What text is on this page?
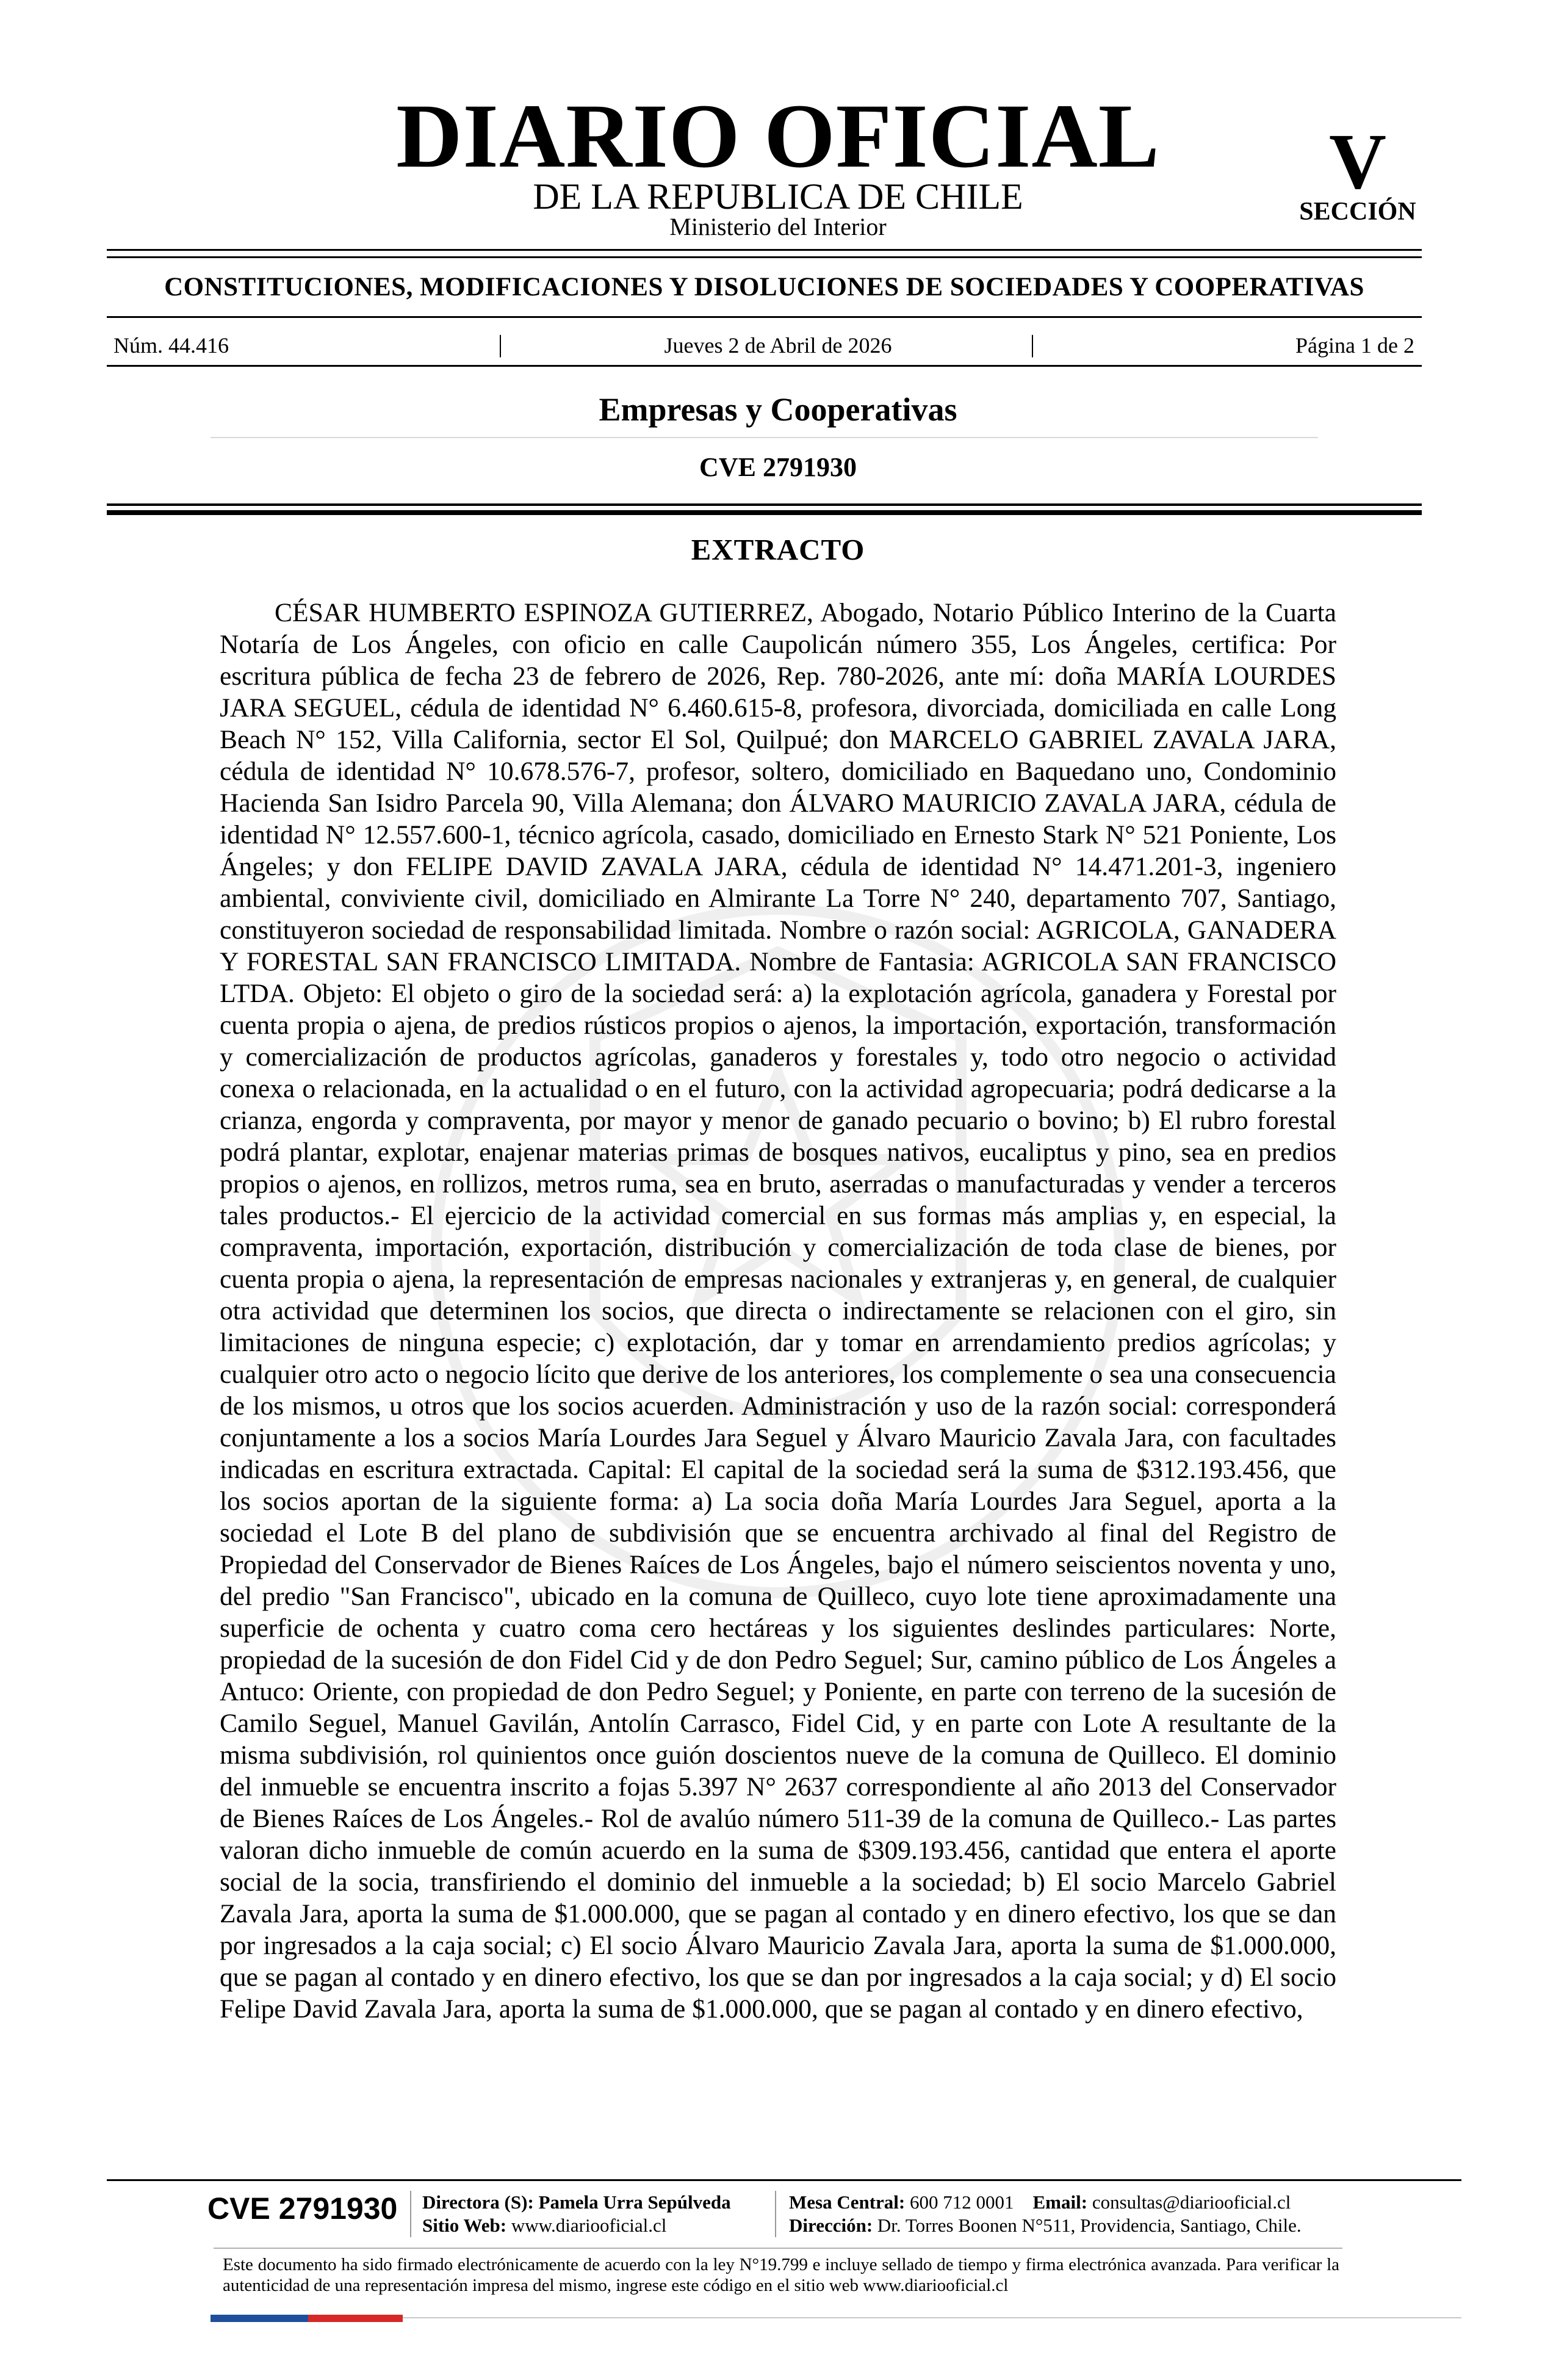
DIARIO OFICIAL
DE LA REPUBLICA DE CHILE
Ministerio del Interior
V
SECCIÓN
CONSTITUCIONES, MODIFICACIONES Y DISOLUCIONES DE SOCIEDADES Y COOPERATIVAS
Núm. 44.416	|	Jueves 2 de Abril de 2026	|	Página 1 de 2
Empresas y Cooperativas
CVE 2791930
EXTRACTO

CÉSAR HUMBERTO ESPINOZA GUTIERREZ, Abogado, Notario Público Interino de la Cuarta Notaría de Los Ángeles, con oficio en calle Caupolicán número 355, Los Ángeles, certifica: Por escritura pública de fecha 23 de febrero de 2026, Rep. 780-2026, ante mí: doña MARÍA LOURDES JARA SEGUEL, cédula de identidad N° 6.460.615-8, profesora, divorciada, domiciliada en calle Long Beach N° 152, Villa California, sector El Sol, Quilpué; don MARCELO GABRIEL ZAVALA JARA, cédula de identidad N° 10.678.576-7, profesor, soltero, domiciliado en Baquedano uno, Condominio Hacienda San Isidro Parcela 90, Villa Alemana; don ÁLVARO MAURICIO ZAVALA JARA, cédula de identidad N° 12.557.600-1, técnico agrícola, casado, domiciliado en Ernesto Stark N° 521 Poniente, Los Ángeles; y don FELIPE DAVID ZAVALA JARA, cédula de identidad N° 14.471.201-3, ingeniero ambiental, conviviente civil, domiciliado en Almirante La Torre N° 240, departamento 707, Santiago, constituyeron sociedad de responsabilidad limitada. Nombre o razón social: AGRICOLA, GANADERA Y FORESTAL SAN FRANCISCO LIMITADA. Nombre de Fantasia: AGRICOLA SAN FRANCISCO LTDA. Objeto: El objeto o giro de la sociedad será: a) la explotación agrícola, ganadera y Forestal por cuenta propia o ajena, de predios rústicos propios o ajenos, la importación, exportación, transformación y comercialización de productos agrícolas, ganaderos y forestales y, todo otro negocio o actividad conexa o relacionada, en la actualidad o en el futuro, con la actividad agropecuaria; podrá dedicarse a la crianza, engorda y compraventa, por mayor y menor de ganado pecuario o bovino; b) El rubro forestal podrá plantar, explotar, enajenar materias primas de bosques nativos, eucaliptus y pino, sea en predios propios o ajenos, en rollizos, metros ruma, sea en bruto, aserradas o manufacturadas y vender a terceros tales productos.- El ejercicio de la actividad comercial en sus formas más amplias y, en especial, la compraventa, importación, exportación, distribución y comercialización de toda clase de bienes, por cuenta propia o ajena, la representación de empresas nacionales y extranjeras y, en general, de cualquier otra actividad que determinen los socios, que directa o indirectamente se relacionen con el giro, sin limitaciones de ninguna especie; c) explotación, dar y tomar en arrendamiento predios agrícolas; y cualquier otro acto o negocio lícito que derive de los anteriores, los complemente o sea una consecuencia de los mismos, u otros que los socios acuerden. Administración y uso de la razón social: corresponderá conjuntamente a los a socios María Lourdes Jara Seguel y Álvaro Mauricio Zavala Jara, con facultades indicadas en escritura extractada. Capital: El capital de la sociedad será la suma de $312.193.456, que los socios aportan de la siguiente forma: a) La socia doña María Lourdes Jara Seguel, aporta a la sociedad el Lote B del plano de subdivisión que se encuentra archivado al final del Registro de Propiedad del Conservador de Bienes Raíces de Los Ángeles, bajo el número seiscientos noventa y uno, del predio "San Francisco", ubicado en la comuna de Quilleco, cuyo lote tiene aproximadamente una superficie de ochenta y cuatro coma cero hectáreas y los siguientes deslindes particulares: Norte, propiedad de la sucesión de don Fidel Cid y de don Pedro Seguel; Sur, camino público de Los Ángeles a Antuco: Oriente, con propiedad de don Pedro Seguel; y Poniente, en parte con terreno de la sucesión de Camilo Seguel, Manuel Gavilán, Antolín Carrasco, Fidel Cid, y en parte con Lote A resultante de la misma subdivisión, rol quinientos once guión doscientos nueve de la comuna de Quilleco. El dominio del inmueble se encuentra inscrito a fojas 5.397 N° 2637 correspondiente al año 2013 del Conservador de Bienes Raíces de Los Ángeles.- Rol de avalúo número 511-39 de la comuna de Quilleco.- Las partes valoran dicho inmueble de común acuerdo en la suma de $309.193.456, cantidad que entera el aporte social de la socia, transfiriendo el dominio del inmueble a la sociedad; b) El socio Marcelo Gabriel Zavala Jara, aporta la suma de $1.000.000, que se pagan al contado y en dinero efectivo, los que se dan por ingresados a la caja social; c) El socio Álvaro Mauricio Zavala Jara, aporta la suma de $1.000.000, que se pagan al contado y en dinero efectivo, los que se dan por ingresados a la caja social; y d) El socio Felipe David Zavala Jara, aporta la suma de $1.000.000, que se pagan al contado y en dinero efectivo,

CVE 2791930 Directora (S): Pamela Urra Sepúlveda
Sitio Web: www.diariooficial.cl
Mesa Central: 600 712 0001 Email: consultas@diariooficial.cl
Dirección: Dr. Torres Boonen N°511, Providencia, Santiago, Chile.

Este documento ha sido firmado electrónicamente de acuerdo con la ley N°19.799 e incluye sellado de tiempo y firma electrónica avanzada. Para verificar la autenticidad de una representación impresa del mismo, ingrese este código en el sitio web www.diariooficial.cl
